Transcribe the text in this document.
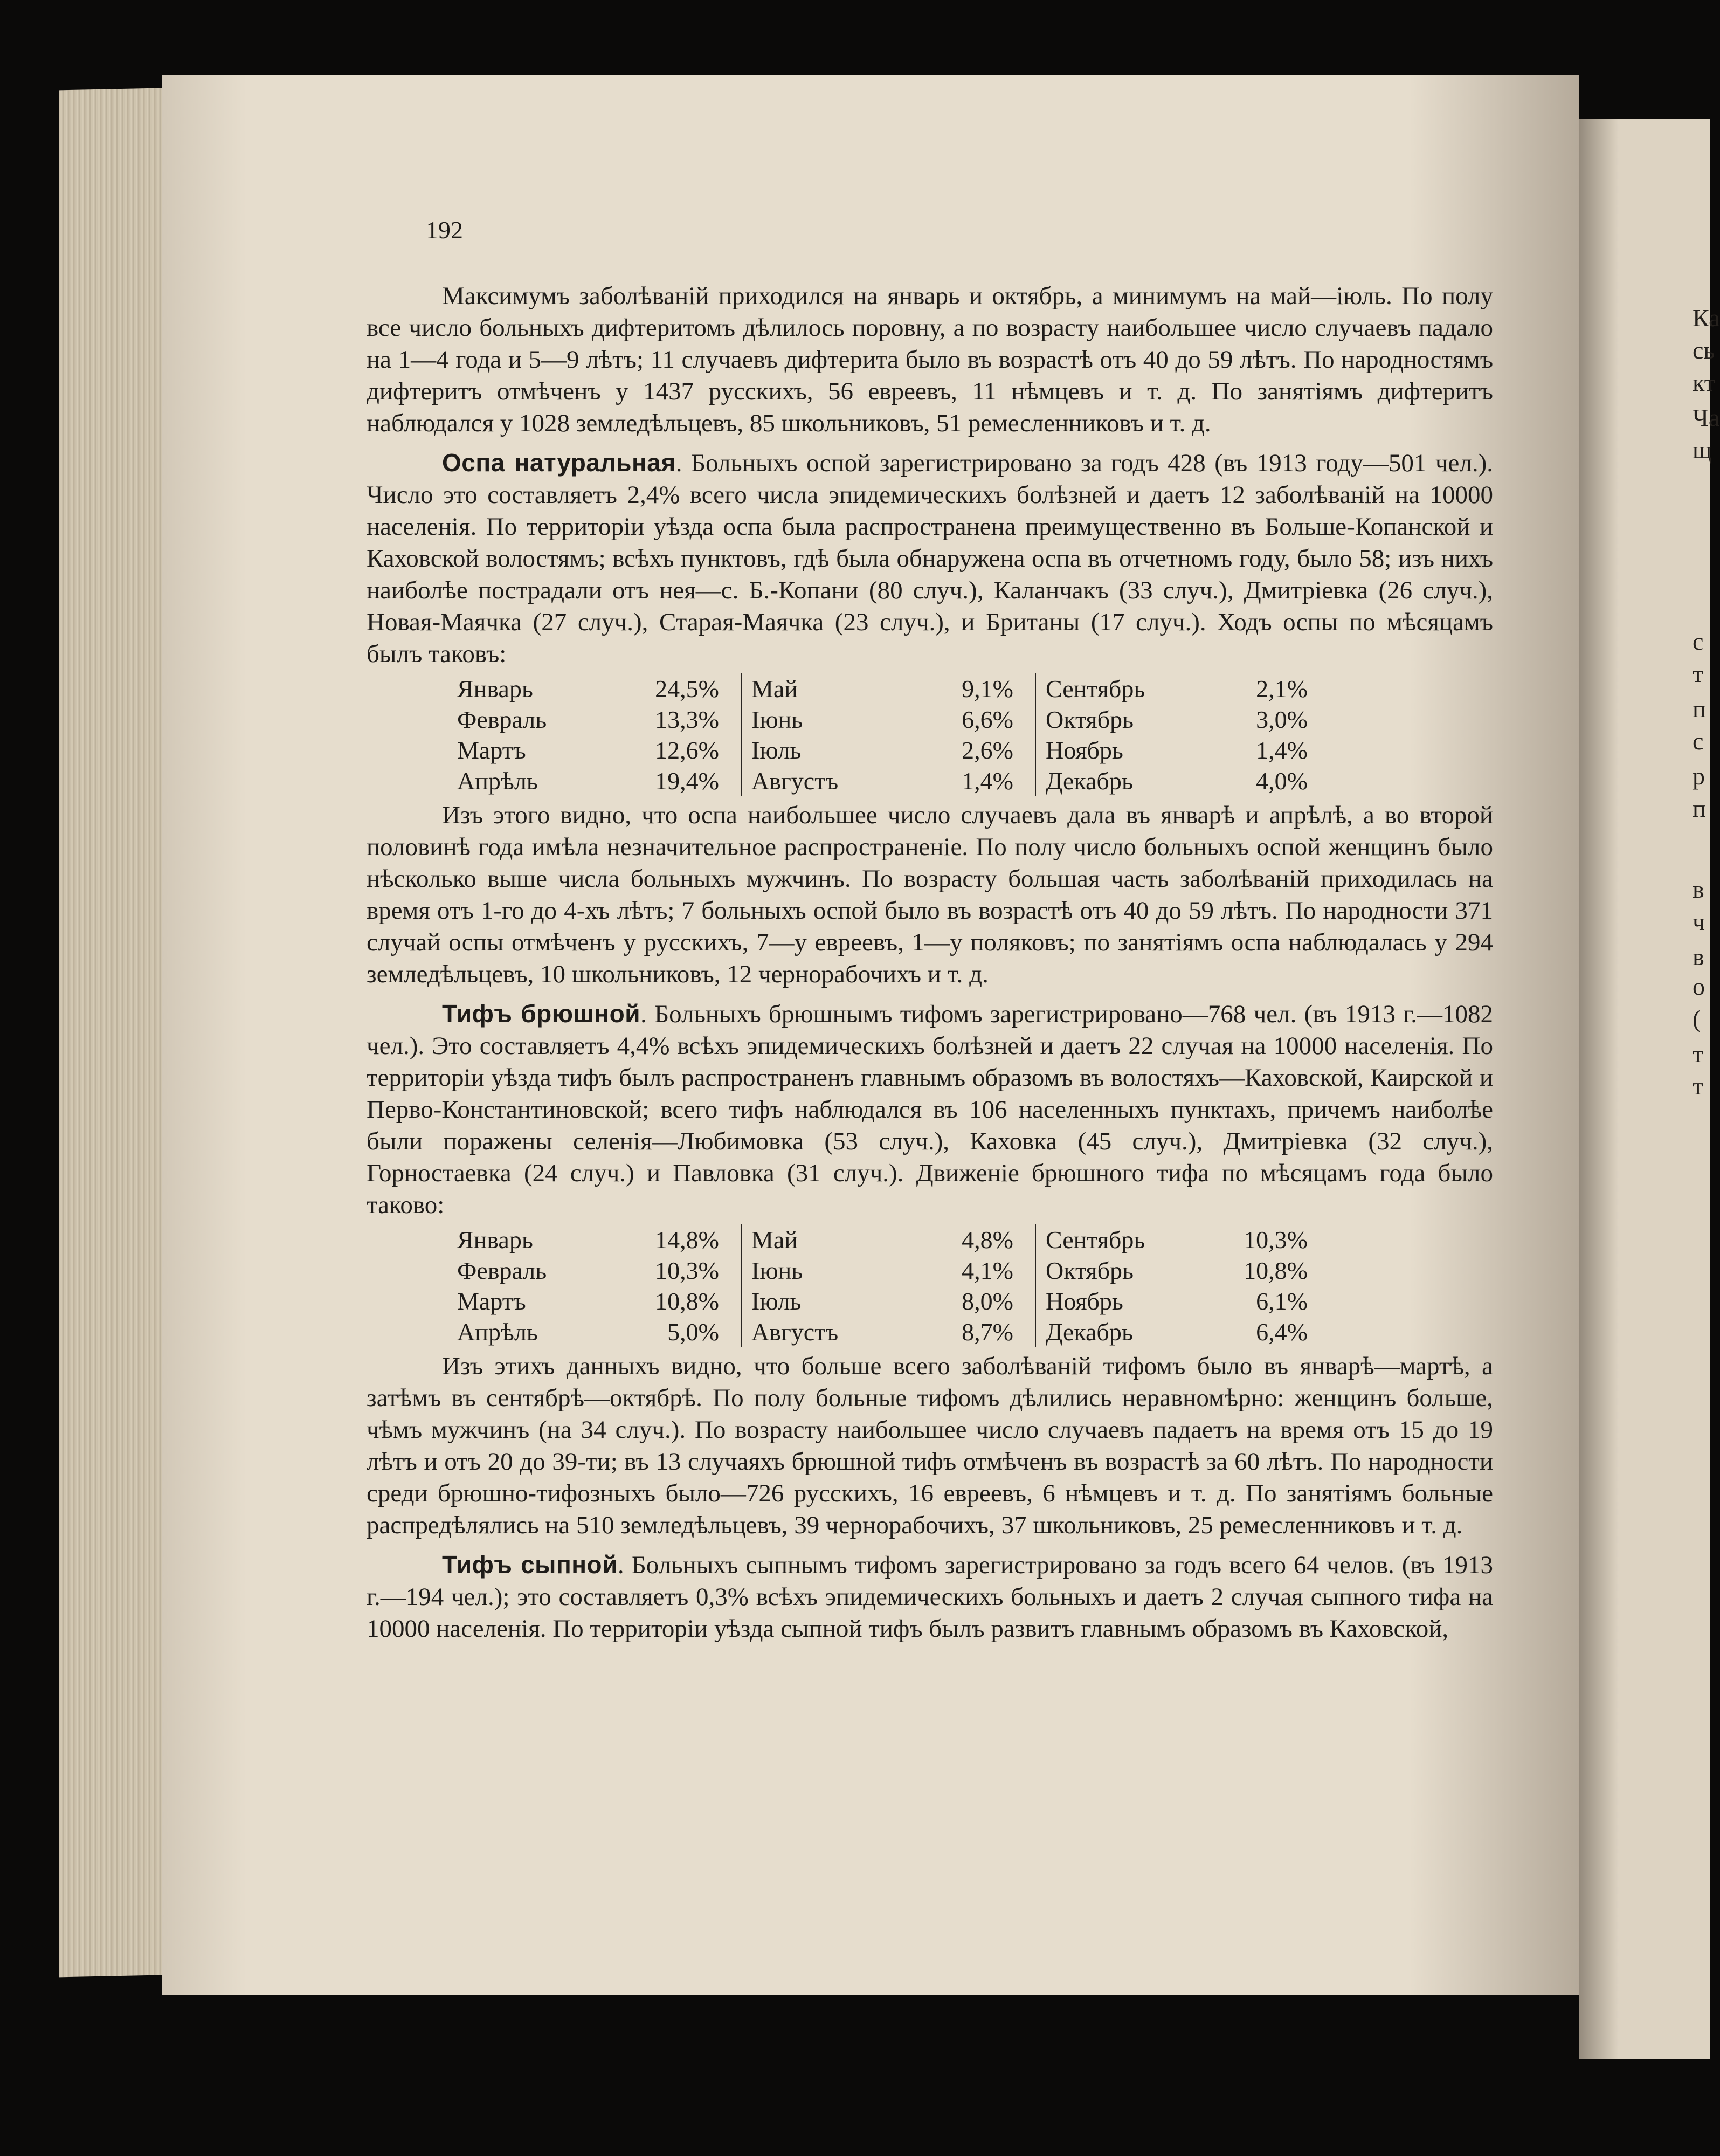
192

Максимумъ заболѣваній приходился на январь и октябрь, а минимумъ на май—іюль. По полу все число больныхъ дифтеритомъ дѣлилось поровну, а по возрасту наибольшее число случаевъ падало на 1—4 года и 5—9 лѣтъ; 11 случаевъ дифтерита было въ возрастѣ отъ 40 до 59 лѣтъ. По народностямъ дифтеритъ отмѣченъ у 1437 русскихъ, 56 евреевъ, 11 нѣмцевъ и т. д. По занятіямъ дифтеритъ наблюдался у 1028 земледѣльцевъ, 85 школьниковъ, 51 ремесленниковъ и т. д.

Оспа натуральная. Больныхъ оспой зарегистрировано за годъ 428 (въ 1913 году—501 чел.). Число это составляетъ 2,4% всего числа эпидемическихъ болѣзней и даетъ 12 заболѣваній на 10000 населенія. По территоріи уѣзда оспа была распространена преимущественно въ Больше-Копанской и Каховской волостямъ; всѣхъ пунктовъ, гдѣ была обнаружена оспа въ отчетномъ году, было 58; изъ нихъ наиболѣе пострадали отъ нея—с. Б.-Копани (80 случ.), Каланчакъ (33 случ.), Дмитріевка (26 случ.), Новая-Маячка (27 случ.), Старая-Маячка (23 случ.), и Британы (17 случ.). Ходъ оспы по мѣсяцамъ былъ таковъ:

Январь	24,5%	Май	9,1%	Сентябрь	2,1%
Февраль	13,3%	Іюнь	6,6%	Октябрь	3,0%
Мартъ	12,6%	Іюль	2,6%	Ноябрь	1,4%
Апрѣль	19,4%	Августъ	1,4%	Декабрь	4,0%

Изъ этого видно, что оспа наибольшее число случаевъ дала въ январѣ и апрѣлѣ, а во второй половинѣ года имѣла незначительное распространеніе. По полу число больныхъ оспой женщинъ было нѣсколько выше числа больныхъ мужчинъ. По возрасту большая часть заболѣваній приходилась на время отъ 1-го до 4-хъ лѣтъ; 7 больныхъ оспой было въ возрастѣ отъ 40 до 59 лѣтъ. По народности 371 случай оспы отмѣченъ у русскихъ, 7—у евреевъ, 1—у поляковъ; по занятіямъ оспа наблюдалась у 294 земледѣльцевъ, 10 школьниковъ, 12 чернорабочихъ и т. д.

Тифъ брюшной. Больныхъ брюшнымъ тифомъ зарегистрировано—768 чел. (въ 1913 г.—1082 чел.). Это составляетъ 4,4% всѣхъ эпидемическихъ болѣзней и даетъ 22 случая на 10000 населенія. По территоріи уѣзда тифъ былъ распространенъ главнымъ образомъ въ волостяхъ—Каховской, Каирской и Перво-Константиновской; всего тифъ наблюдался въ 106 населенныхъ пунктахъ, причемъ наиболѣе были поражены селенія—Любимовка (53 случ.), Каховка (45 случ.), Дмитріевка (32 случ.), Горностаевка (24 случ.) и Павловка (31 случ.). Движеніе брюшного тифа по мѣсяцамъ года было таково:

Январь	14,8%	Май	4,8%	Сентябрь	10,3%
Февраль	10,3%	Іюнь	4,1%	Октябрь	10,8%
Мартъ	10,8%	Іюль	8,0%	Ноябрь	6,1%
Апрѣль	5,0%	Августъ	8,7%	Декабрь	6,4%

Изъ этихъ данныхъ видно, что больше всего заболѣваній тифомъ было въ январѣ—мартѣ, а затѣмъ въ сентябрѣ—октябрѣ. По полу больные тифомъ дѣлились неравномѣрно: женщинъ больше, чѣмъ мужчинъ (на 34 случ.). По возрасту наибольшее число случаевъ падаетъ на время отъ 15 до 19 лѣтъ и отъ 20 до 39-ти; въ 13 случаяхъ брюшной тифъ отмѣченъ въ возрастѣ за 60 лѣтъ. По народности среди брюшно-тифозныхъ было—726 русскихъ, 16 евреевъ, 6 нѣмцевъ и т. д. По занятіямъ больные распредѣлялись на 510 земледѣльцевъ, 39 чернорабочихъ, 37 школьниковъ, 25 ремесленниковъ и т. д.

Тифъ сыпной. Больныхъ сыпнымъ тифомъ зарегистрировано за годъ всего 64 челов. (въ 1913 г.—194 чел.); это составляетъ 0,3% всѣхъ эпидемическихъ больныхъ и даетъ 2 случая сыпного тифа на 10000 населенія. По территоріи уѣзда сыпной тифъ былъ развитъ главнымъ образомъ въ Каховской,

Ка
сь
кт
Ча
щ
с
т
п
с
р
п
в
ч
в
о
(
т
т
